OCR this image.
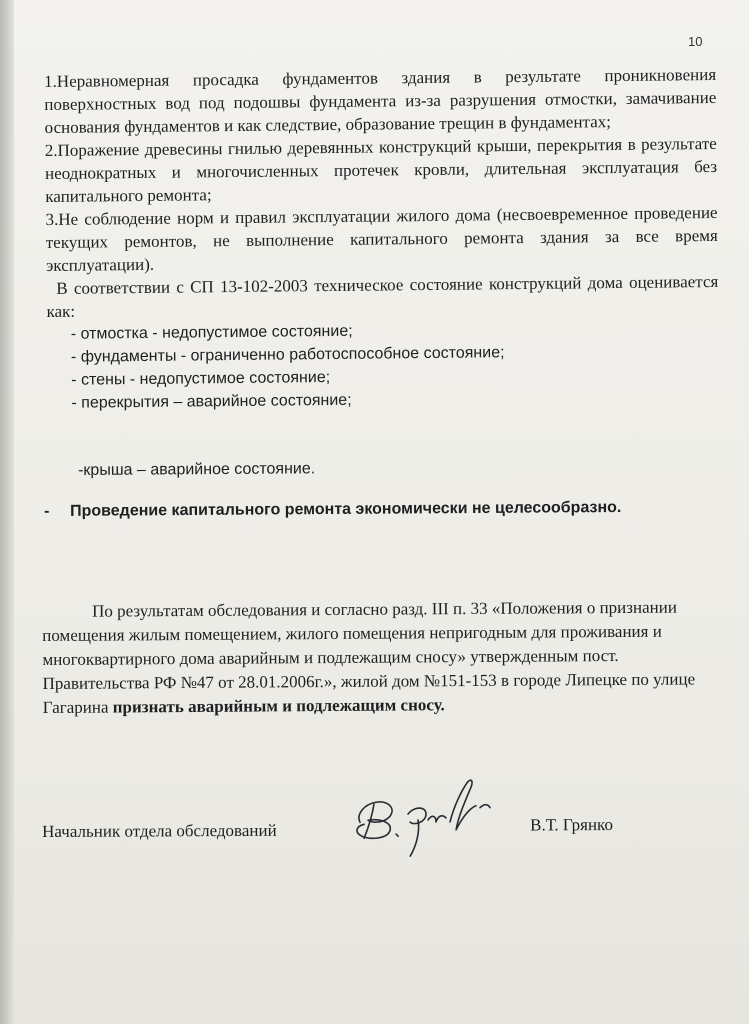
10

1.Неравномерная просадка фундаментов здания в результате проникновения поверхностных вод под подошвы фундамента из-за разрушения отмостки, замачивание основания фундаментов и как следствие, образование трещин в фундаментах;

2.Поражение древесины гнилью деревянных конструкций крыши, перекрытия в результате неоднократных и многочисленных протечек кровли, длительная эксплуатация без капитального ремонта;

3.Не соблюдение норм и правил эксплуатации жилого дома (несвоевременное проведение текущих ремонтов, не выполнение капитального ремонта здания за все время эксплуатации).

В соответствии с СП 13-102-2003 техническое состояние конструкций дома оценивается как:

- отмостка - недопустимое состояние;
- фундаменты - ограниченно работоспособное состояние;
- стены - недопустимое состояние;
- перекрытия – аварийное состояние;
-крыша – аварийное состояние.
- Проведение капитального ремонта экономически не целесообразно.
По результатам обследования и согласно разд. III п. 33 «Положения о признании помещения жилым помещением, жилого помещения непригодным для проживания и многоквартирного дома аварийным и подлежащим сносу» утвержденным пост. Правительства РФ №47 от 28.01.2006г.», жилой дом №151-153 в городе Липецке по улице Гагарина признать аварийным и подлежащим сносу.
Начальник отдела обследований	В.Т. Грянко
